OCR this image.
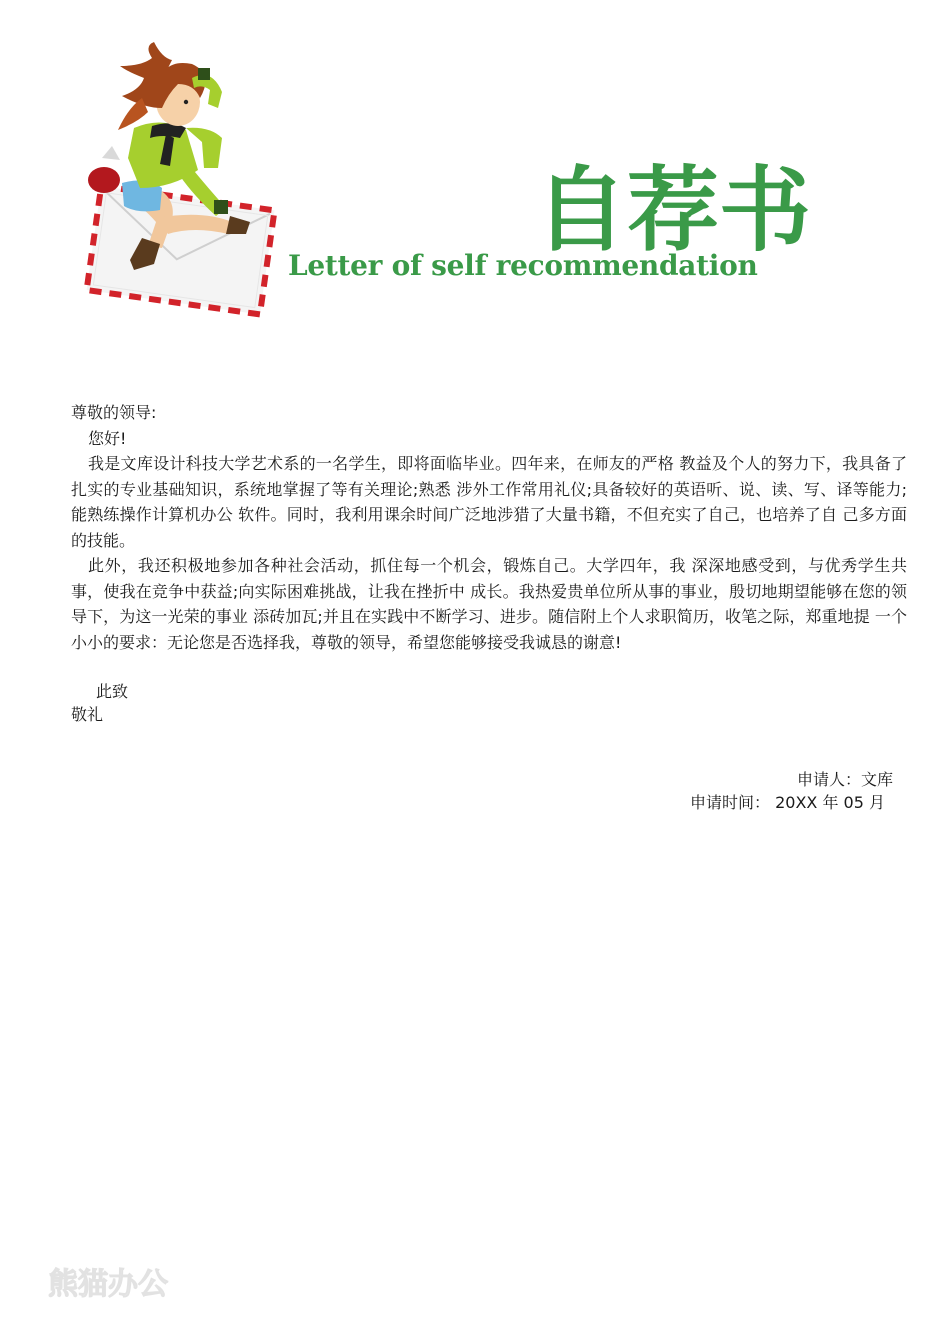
自荐书
Letter of self recommendation

尊敬的领导:

您好!

我是文库设计科技大学艺术系的一名学生，即将面临毕业。四年来，在师友的严格 教益及个人的努力下，我具备了扎实的专业基础知识，系统地掌握了等有关理论;熟悉 涉外工作常用礼仪;具备较好的英语听、说、读、写、译等能力;能熟练操作计算机办公 软件。同时，我利用课余时间广泛地涉猎了大量书籍，不但充实了自己，也培养了自 己多方面的技能。

此外，我还积极地参加各种社会活动，抓住每一个机会，锻炼自己。大学四年，我 深深地感受到，与优秀学生共事，使我在竞争中获益;向实际困难挑战，让我在挫折中 成长。我热爱贵单位所从事的事业，殷切地期望能够在您的领导下，为这一光荣的事业 添砖加瓦;并且在实践中不断学习、进步。随信附上个人求职简历，收笔之际，郑重地提 一个小小的要求：无论您是否选择我，尊敬的领导，希望您能够接受我诚恳的谢意!

此致
敬礼
申请人：文库
申请时间： 20XX 年 05 月
熊猫办公
